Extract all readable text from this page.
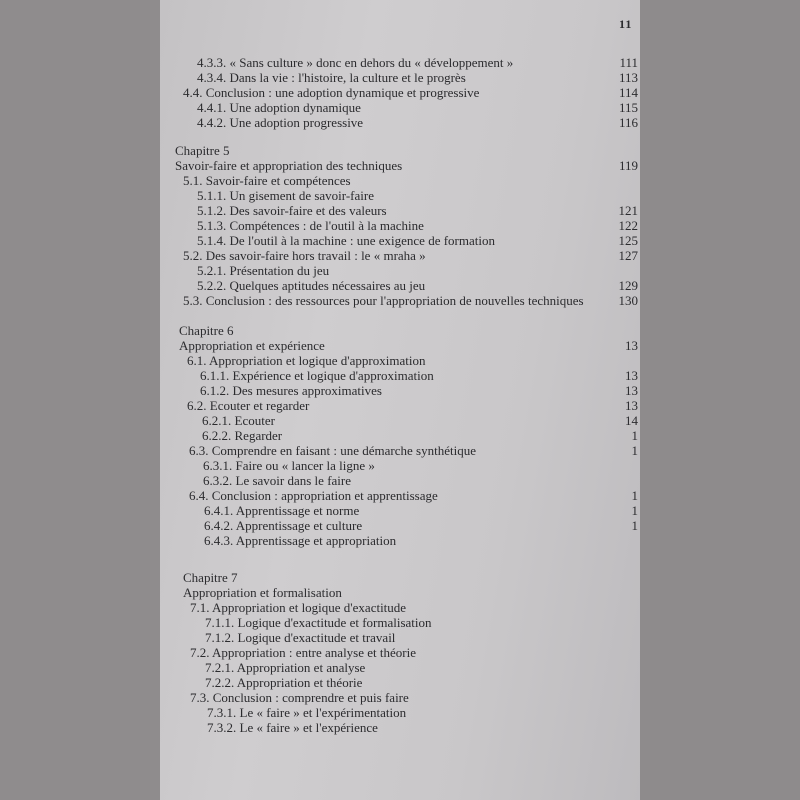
11
4.3.3. « Sans culture » donc en dehors du « développement »	111
4.3.4. Dans la vie : l'histoire, la culture et le progrès	113
4.4. Conclusion : une adoption dynamique et progressive	114
4.4.1. Une adoption dynamique	115
4.4.2. Une adoption progressive	116
Chapitre 5
Savoir-faire et appropriation des techniques	119
5.1. Savoir-faire et compétences
5.1.1. Un gisement de savoir-faire
5.1.2. Des savoir-faire et des valeurs	121
5.1.3. Compétences : de l'outil à la machine	122
5.1.4. De l'outil à la machine : une exigence de formation	125
5.2. Des savoir-faire hors travail : le « mraha »	127
5.2.1. Présentation du jeu
5.2.2. Quelques aptitudes nécessaires au jeu	129
5.3. Conclusion : des ressources pour l'appropriation de nouvelles techniques	130
Chapitre 6
Appropriation et expérience	13
6.1. Appropriation et logique d'approximation
6.1.1. Expérience et logique d'approximation	13
6.1.2. Des mesures approximatives	13
6.2. Ecouter et regarder	13
6.2.1. Ecouter	14
6.2.2. Regarder	1
6.3. Comprendre en faisant : une démarche synthétique	1
6.3.1. Faire ou « lancer la ligne »
6.3.2. Le savoir dans le faire
6.4. Conclusion : appropriation et apprentissage	1
6.4.1. Apprentissage et norme	1
6.4.2. Apprentissage et culture	1
6.4.3. Apprentissage et appropriation
Chapitre 7
Appropriation et formalisation
7.1. Appropriation et logique d'exactitude
7.1.1. Logique d'exactitude et formalisation
7.1.2. Logique d'exactitude et travail
7.2. Appropriation : entre analyse et théorie
7.2.1. Appropriation et analyse
7.2.2. Appropriation et théorie
7.3. Conclusion : comprendre et puis faire
7.3.1. Le « faire » et l'expérimentation
7.3.2. Le « faire » et l'expérience
